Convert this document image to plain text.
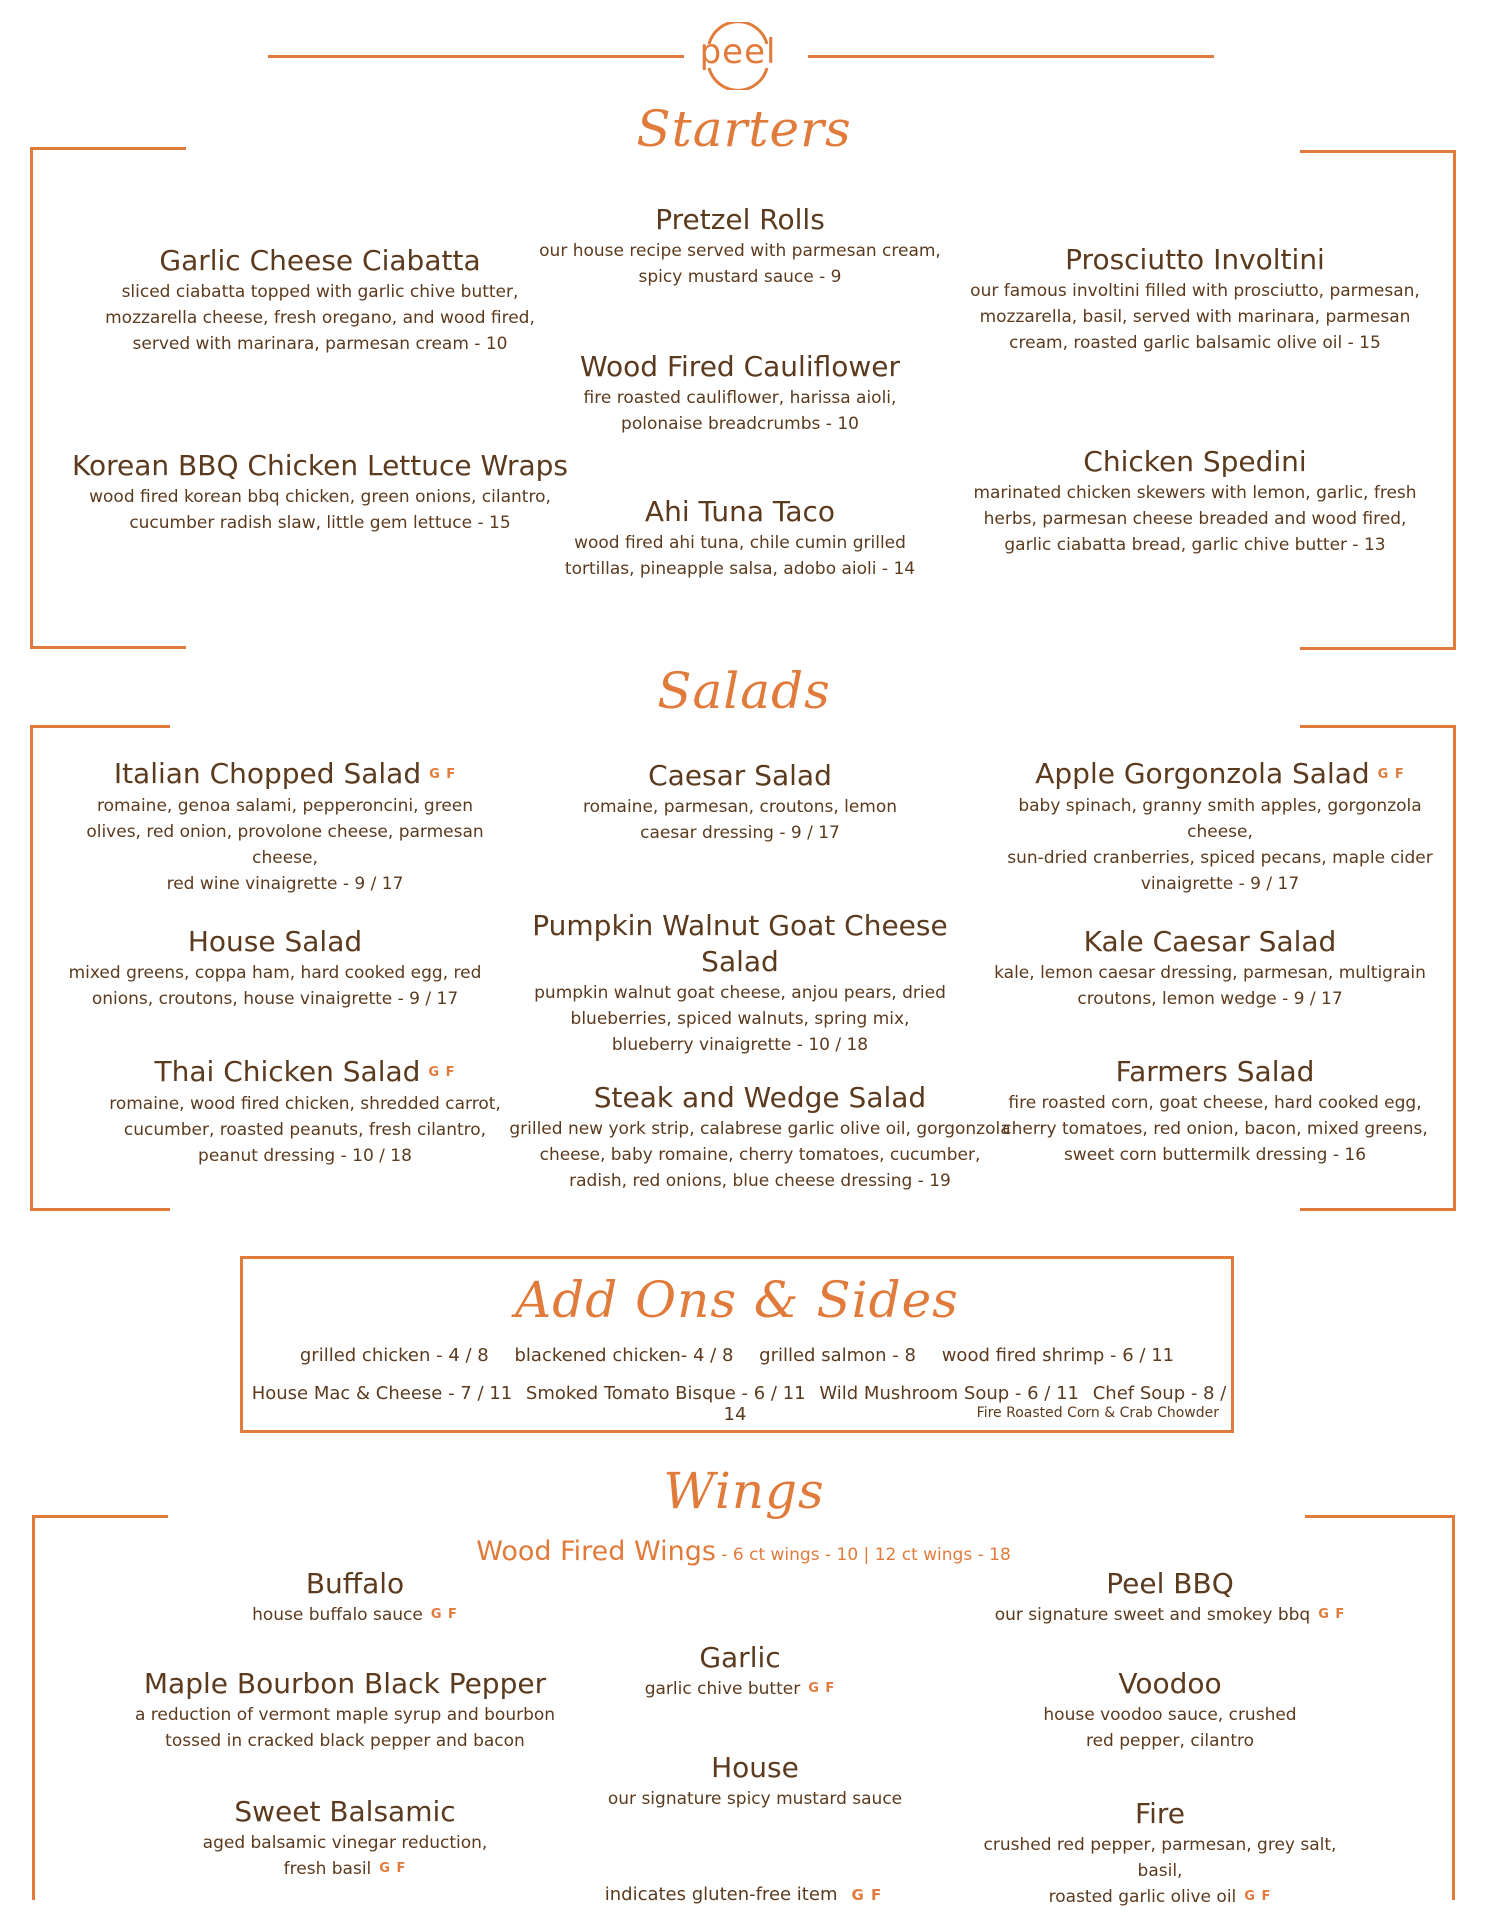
peel
Starters
Pretzel Rolls
our house recipe served with parmesan cream,
spicy mustard sauce - 9
Garlic Cheese Ciabatta
sliced ciabatta topped with garlic chive butter,
mozzarella cheese, fresh oregano, and wood fired,
served with marinara, parmesan cream - 10
Prosciutto Involtini
our famous involtini filled with prosciutto, parmesan,
mozzarella, basil, served with marinara, parmesan
cream, roasted garlic balsamic olive oil - 15
Wood Fired Cauliflower
fire roasted cauliflower, harissa aioli,
polonaise breadcrumbs - 10
Korean BBQ Chicken Lettuce Wraps
wood fired korean bbq chicken, green onions, cilantro,
cucumber radish slaw, little gem lettuce - 15
Chicken Spedini
marinated chicken skewers with lemon, garlic, fresh
herbs, parmesan cheese breaded and wood fired,
garlic ciabatta bread, garlic chive butter - 13
Ahi Tuna Taco
wood fired ahi tuna, chile cumin grilled
tortillas, pineapple salsa, adobo aioli - 14
Salads
Italian Chopped Salad G F
romaine, genoa salami, pepperoncini, green
olives, red onion, provolone cheese, parmesan cheese,
red wine vinaigrette - 9 / 17
Caesar Salad
romaine, parmesan, croutons, lemon
caesar dressing - 9 / 17
Apple Gorgonzola Salad G F
baby spinach, granny smith apples, gorgonzola cheese,
sun-dried cranberries, spiced pecans, maple cider
vinaigrette - 9 / 17
House Salad
mixed greens, coppa ham, hard cooked egg, red
onions, croutons, house vinaigrette - 9 / 17
Pumpkin Walnut Goat Cheese Salad
pumpkin walnut goat cheese, anjou pears, dried
blueberries, spiced walnuts, spring mix,
blueberry vinaigrette - 10 / 18
Kale Caesar Salad
kale, lemon caesar dressing, parmesan, multigrain
croutons, lemon wedge - 9 / 17
Thai Chicken Salad G F
romaine, wood fired chicken, shredded carrot,
cucumber, roasted peanuts, fresh cilantro,
peanut dressing - 10 / 18
Steak and Wedge Salad
grilled new york strip, calabrese garlic olive oil, gorgonzola
cheese, baby romaine, cherry tomatoes, cucumber,
radish, red onions, blue cheese dressing - 19
Farmers Salad
fire roasted corn, goat cheese, hard cooked egg,
cherry tomatoes, red onion, bacon, mixed greens,
sweet corn buttermilk dressing - 16
Add Ons & Sides
grilled chicken - 4 / 8 blackened chicken- 4 / 8 grilled salmon - 8 wood fired shrimp - 6 / 11
House Mac & Cheese - 7 / 11 Smoked Tomato Bisque - 6 / 11 Wild Mushroom Soup - 6 / 11 Chef Soup - 8 / 14	Fire Roasted Corn & Crab Chowder
Wings
Wood Fired Wings - 6 ct wings - 10 | 12 ct wings - 18
Buffalo
house buffalo sauce G F
Peel BBQ
our signature sweet and smokey bbq G F
Garlic
garlic chive butter G F
Maple Bourbon Black Pepper
a reduction of vermont maple syrup and bourbon
tossed in cracked black pepper and bacon
Voodoo
house voodoo sauce, crushed
red pepper, cilantro
House
our signature spicy mustard sauce
Sweet Balsamic
aged balsamic vinegar reduction,
fresh basil G F
Fire
crushed red pepper, parmesan, grey salt, basil,
roasted garlic olive oil G F
indicates gluten-free item G F
